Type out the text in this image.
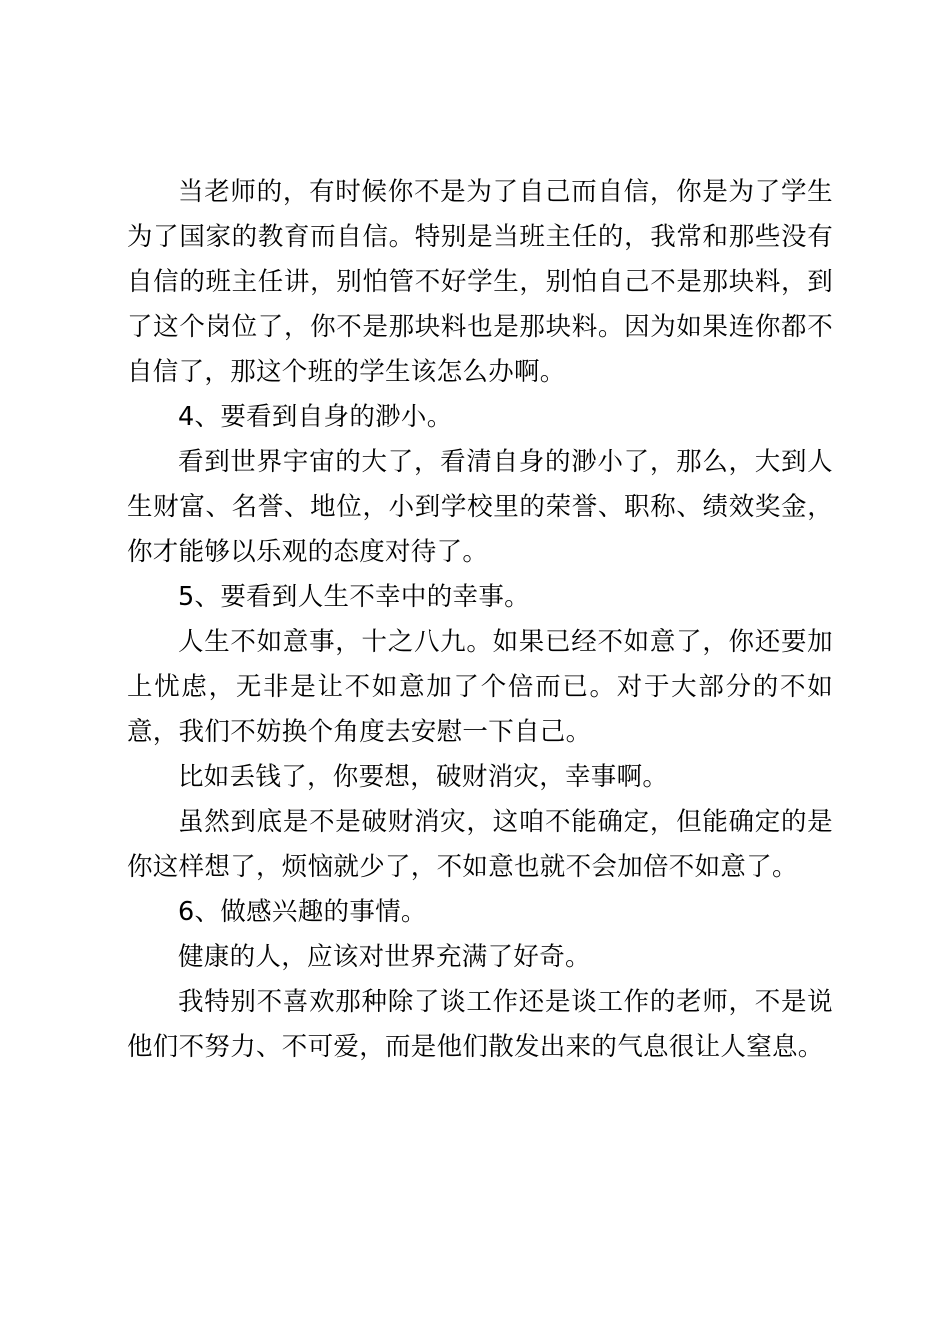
当老师的，有时候你不是为了自己而自信，你是为了学生为了国家的教育而自信。特别是当班主任的，我常和那些没有自信的班主任讲，别怕管不好学生，别怕自己不是那块料，到了这个岗位了，你不是那块料也是那块料。因为如果连你都不自信了，那这个班的学生该怎么办啊。

4、要看到自身的渺小。

看到世界宇宙的大了，看清自身的渺小了，那么，大到人生财富、名誉、地位，小到学校里的荣誉、职称、绩效奖金，你才能够以乐观的态度对待了。

5、要看到人生不幸中的幸事。

人生不如意事，十之八九。如果已经不如意了，你还要加上忧虑，无非是让不如意加了个倍而已。对于大部分的不如意，我们不妨换个角度去安慰一下自己。

比如丢钱了，你要想，破财消灾，幸事啊。

虽然到底是不是破财消灾，这咱不能确定，但能确定的是你这样想了，烦恼就少了，不如意也就不会加倍不如意了。

6、做感兴趣的事情。

健康的人，应该对世界充满了好奇。

我特别不喜欢那种除了谈工作还是谈工作的老师，不是说他们不努力、不可爱，而是他们散发出来的气息很让人窒息。
